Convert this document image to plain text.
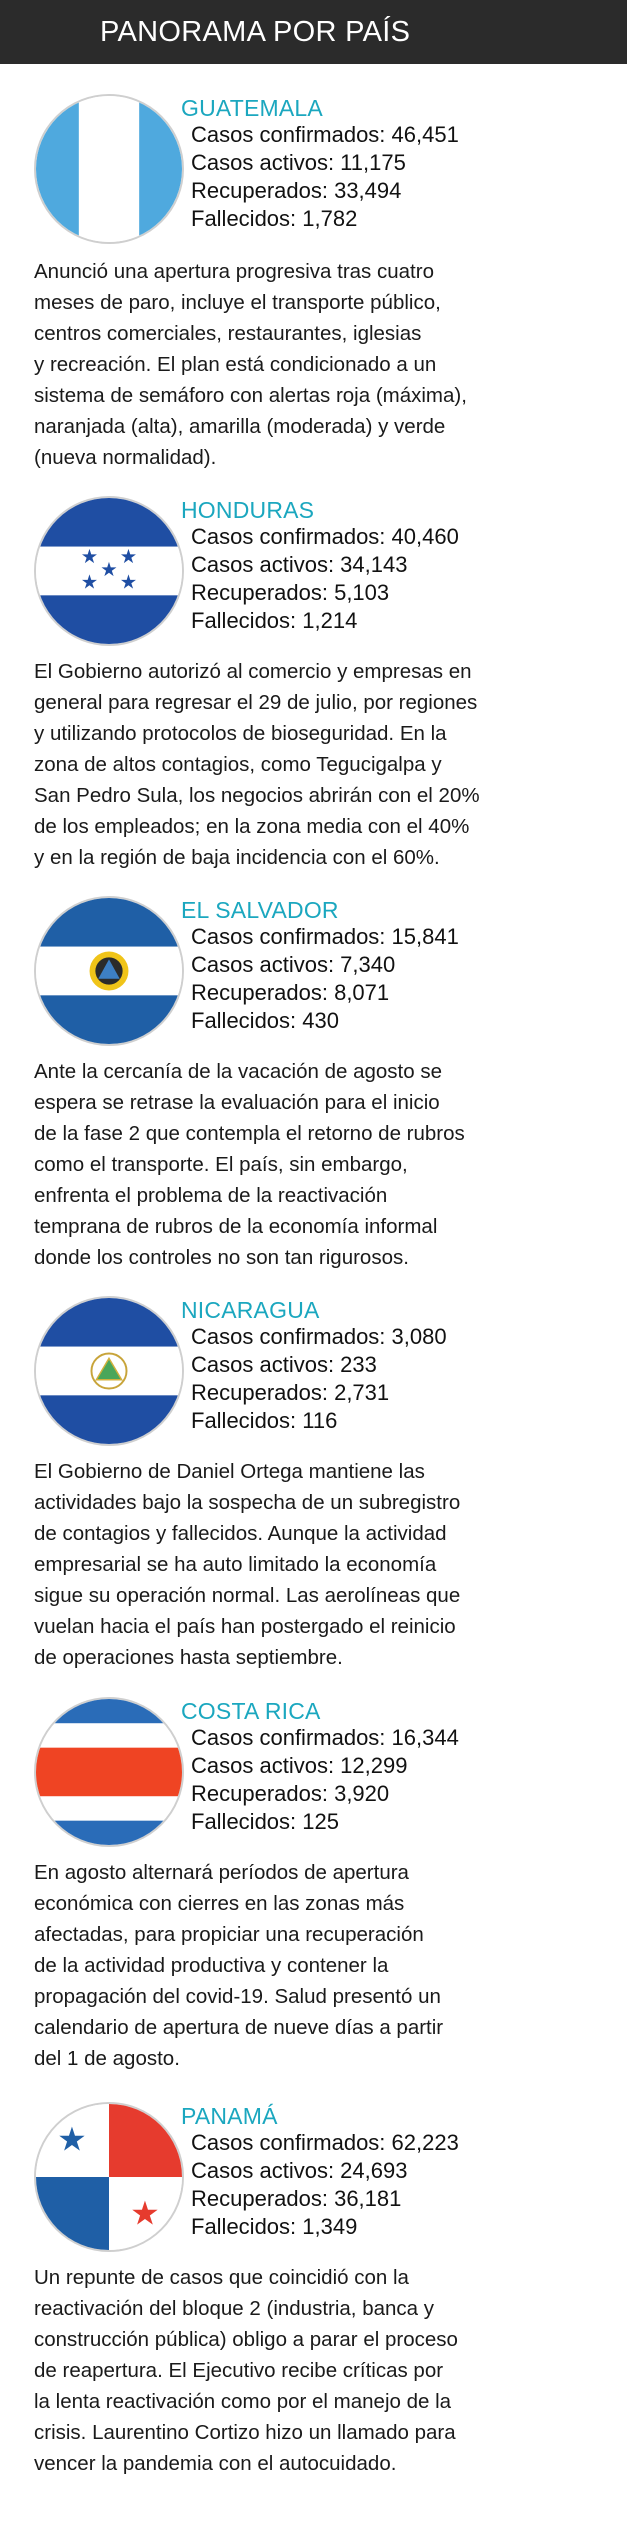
PANORAMA POR PAÍS
GUATEMALA
Casos confirmados: 46,451
Casos activos: 11,175
Recuperados: 33,494
Fallecidos: 1,782
Anunció una apertura progresiva tras cuatro
meses de paro, incluye el transporte público,
centros comerciales, restaurantes, iglesias
y recreación. El plan está condicionado a un
sistema de semáforo con alertas roja (máxima),
naranjada (alta), amarilla (moderada) y verde
(nueva normalidad).
★ ★
★
★ ★
HONDURAS
Casos confirmados: 40,460
Casos activos: 34,143
Recuperados: 5,103
Fallecidos: 1,214
El Gobierno autorizó al comercio y empresas en
general para regresar el 29 de julio, por regiones
y utilizando protocolos de bioseguridad. En la
zona de altos contagios, como Tegucigalpa y
San Pedro Sula, los negocios abrirán con el 20%
de los empleados; en la zona media con el 40%
y en la región de baja incidencia con el 60%.
EL SALVADOR
Casos confirmados: 15,841
Casos activos: 7,340
Recuperados: 8,071
Fallecidos: 430
Ante la cercanía de la vacación de agosto se
espera se retrase la evaluación para el inicio
de la fase 2 que contempla el retorno de rubros
como el transporte. El país, sin embargo,
enfrenta el problema de la reactivación
temprana de rubros de la economía informal
donde los controles no son tan rigurosos.
NICARAGUA
Casos confirmados: 3,080
Casos activos: 233
Recuperados: 2,731
Fallecidos: 116
El Gobierno de Daniel Ortega mantiene las
actividades bajo la sospecha de un subregistro
de contagios y fallecidos. Aunque la actividad
empresarial se ha auto limitado la economía
sigue su operación normal. Las aerolíneas que
vuelan hacia el país han postergado el reinicio
de operaciones hasta septiembre.
COSTA RICA
Casos confirmados: 16,344
Casos activos: 12,299
Recuperados: 3,920
Fallecidos: 125
En agosto alternará períodos de apertura
económica con cierres en las zonas más
afectadas, para propiciar una recuperación
de la actividad productiva y contener la
propagación del covid-19. Salud presentó un
calendario de apertura de nueve días a partir
del 1 de agosto.
★
★
PANAMÁ
Casos confirmados: 62,223
Casos activos: 24,693
Recuperados: 36,181
Fallecidos: 1,349
Un repunte de casos que coincidió con la
reactivación del bloque 2 (industria, banca y
construcción pública) obligo a parar el proceso
de reapertura. El Ejecutivo recibe críticas por
la lenta reactivación como por el manejo de la
crisis. Laurentino Cortizo hizo un llamado para
vencer la pandemia con el autocuidado.
